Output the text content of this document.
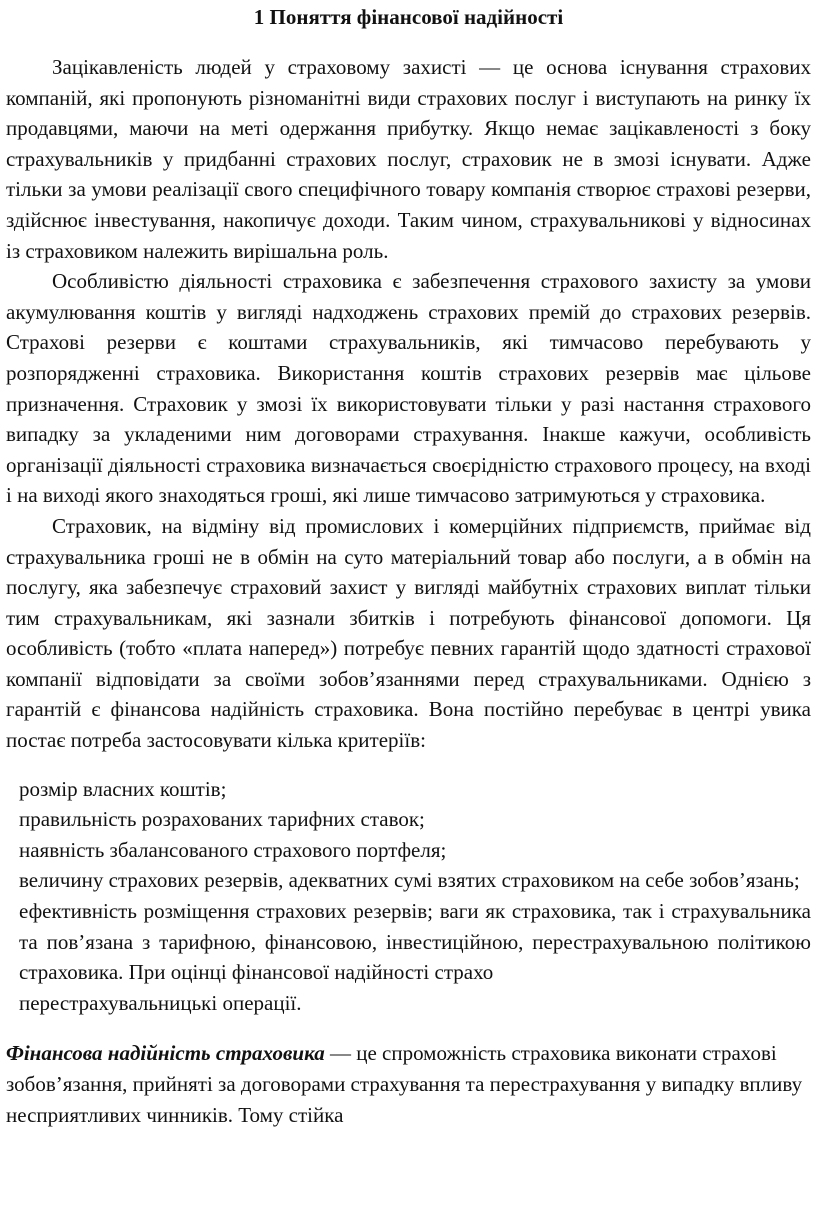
1 Поняття фінансової надійності

Зацікавленість людей у страховому захисті — це основа існування страхових компаній, які пропонують різноманітні види страхових послуг і виступають на ринку їх продавцями, маючи на меті одержання прибутку. Якщо немає зацікавленості з боку страхувальників у придбанні страхових послуг, страховик не в змозі існувати. Адже тільки за умови реалізації свого специфічного товару компанія створює страхові резерви, здійснює інвестування, накопичує доходи. Таким чином, страхувальникові у відносинах із страховиком належить вирішальна роль.

Особливістю діяльності страховика є забезпечення страхового захисту за умови акумулювання коштів у вигляді надходжень страхових премій до страхових резервів. Страхові резерви є коштами страхувальників, які тимчасово перебувають у розпорядженні страховика. Використання коштів страхових резервів має цільове призначення. Страховик у змозі їх використовувати тільки у разі настання страхового випадку за укладеними ним договорами страхування. Інакше кажучи, особливість організації діяльності страховика визначається своєрідністю страхового процесу, на вході і на виході якого знаходяться гроші, які лише тимчасово затримуються у страховика.

Страховик, на відміну від промислових і комерційних підприємств, приймає від страхувальника гроші не в обмін на суто матеріальний товар або послуги, а в обмін на послугу, яка забезпечує страховий захист у вигляді майбутніх страхових виплат тільки тим страхувальникам, які зазнали збитків і потребують фінансової допомоги. Ця особливість (тобто «плата наперед») потребує певних гарантій щодо здатності страхової компанії відповідати за своїми зобов’язаннями перед страхувальниками. Однією з гарантій є фінансова надійність страховика. Вона постійно перебуває в центрі увика постає потреба застосовувати кілька критеріїв:

розмір власних коштів;
правильність розрахованих тарифних ставок;
наявність збалансованого страхового портфеля;
величину страхових резервів, адекватних сумі взятих страховиком на себе зобов’язань;
ефективність розміщення страхових резервів; ваги як страховика, так і страхувальника та пов’язана з тарифною, фінансовою, інвестиційною, перестрахувальною політикою страховика. При оцінці фінансової надійності страхо
перестрахувальницькі операції.

Фінансова надійність страховика — це спроможність страховика виконати страхові зобов’язання, прийняті за договорами страхування та перестрахування у випадку впливу несприятливих чинників. Тому стійка
